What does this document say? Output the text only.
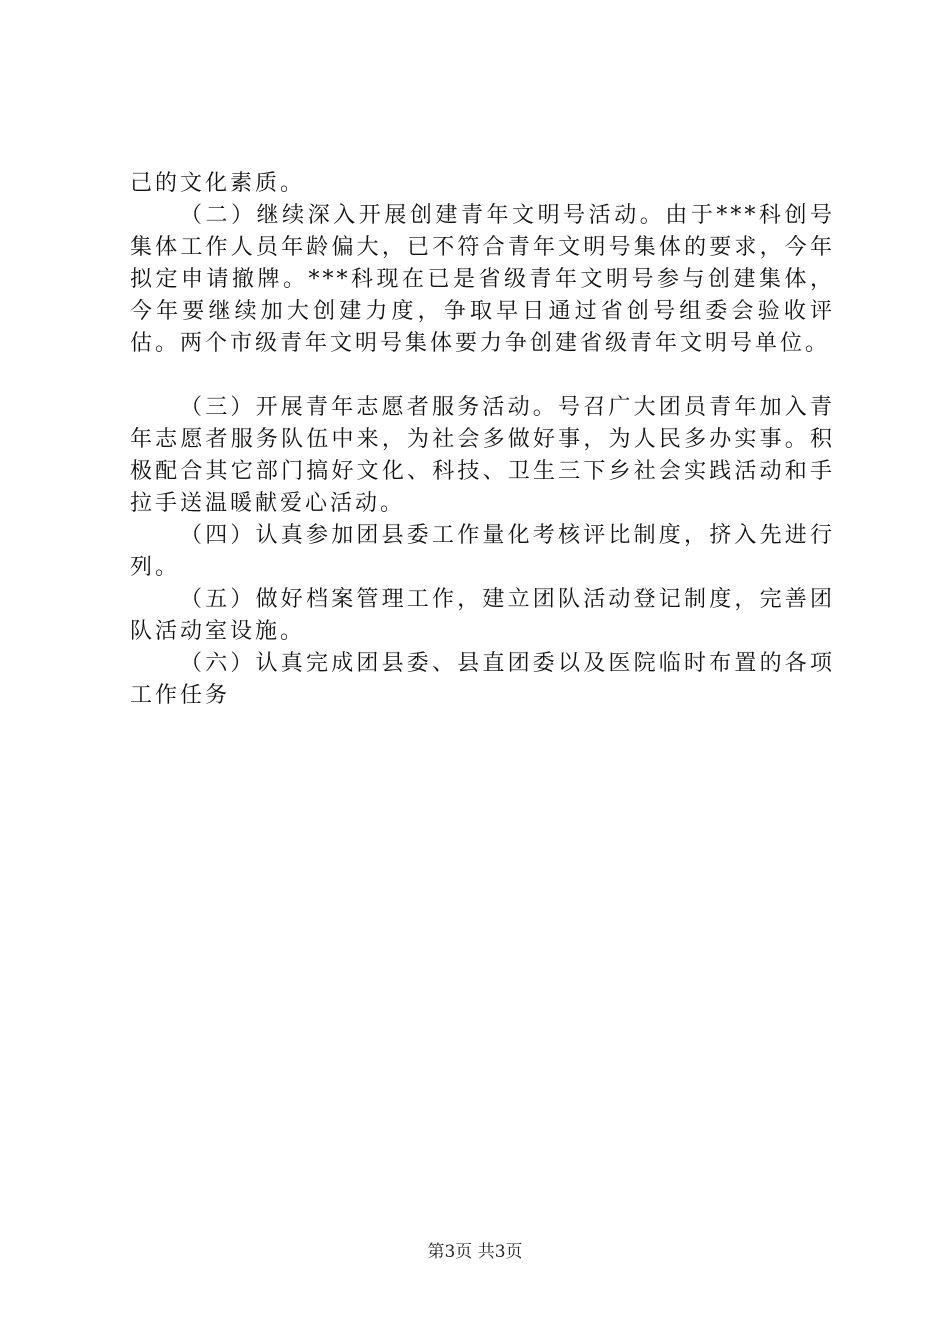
己的文化素质。

（二）继续深入开展创建青年文明号活动。由于***科创号集体工作人员年龄偏大，已不符合青年文明号集体的要求，今年拟定申请撤牌。***科现在已是省级青年文明号参与创建集体，今年要继续加大创建力度，争取早日通过省创号组委会验收评估。两个市级青年文明号集体要力争创建省级青年文明号单位。

（三）开展青年志愿者服务活动。号召广大团员青年加入青年志愿者服务队伍中来，为社会多做好事，为人民多办实事。积极配合其它部门搞好文化、科技、卫生三下乡社会实践活动和手拉手送温暖献爱心活动。

（四）认真参加团县委工作量化考核评比制度，挤入先进行列。

（五）做好档案管理工作，建立团队活动登记制度，完善团队活动室设施。

（六）认真完成团县委、县直团委以及医院临时布置的各项工作任务

第3页 共3页
